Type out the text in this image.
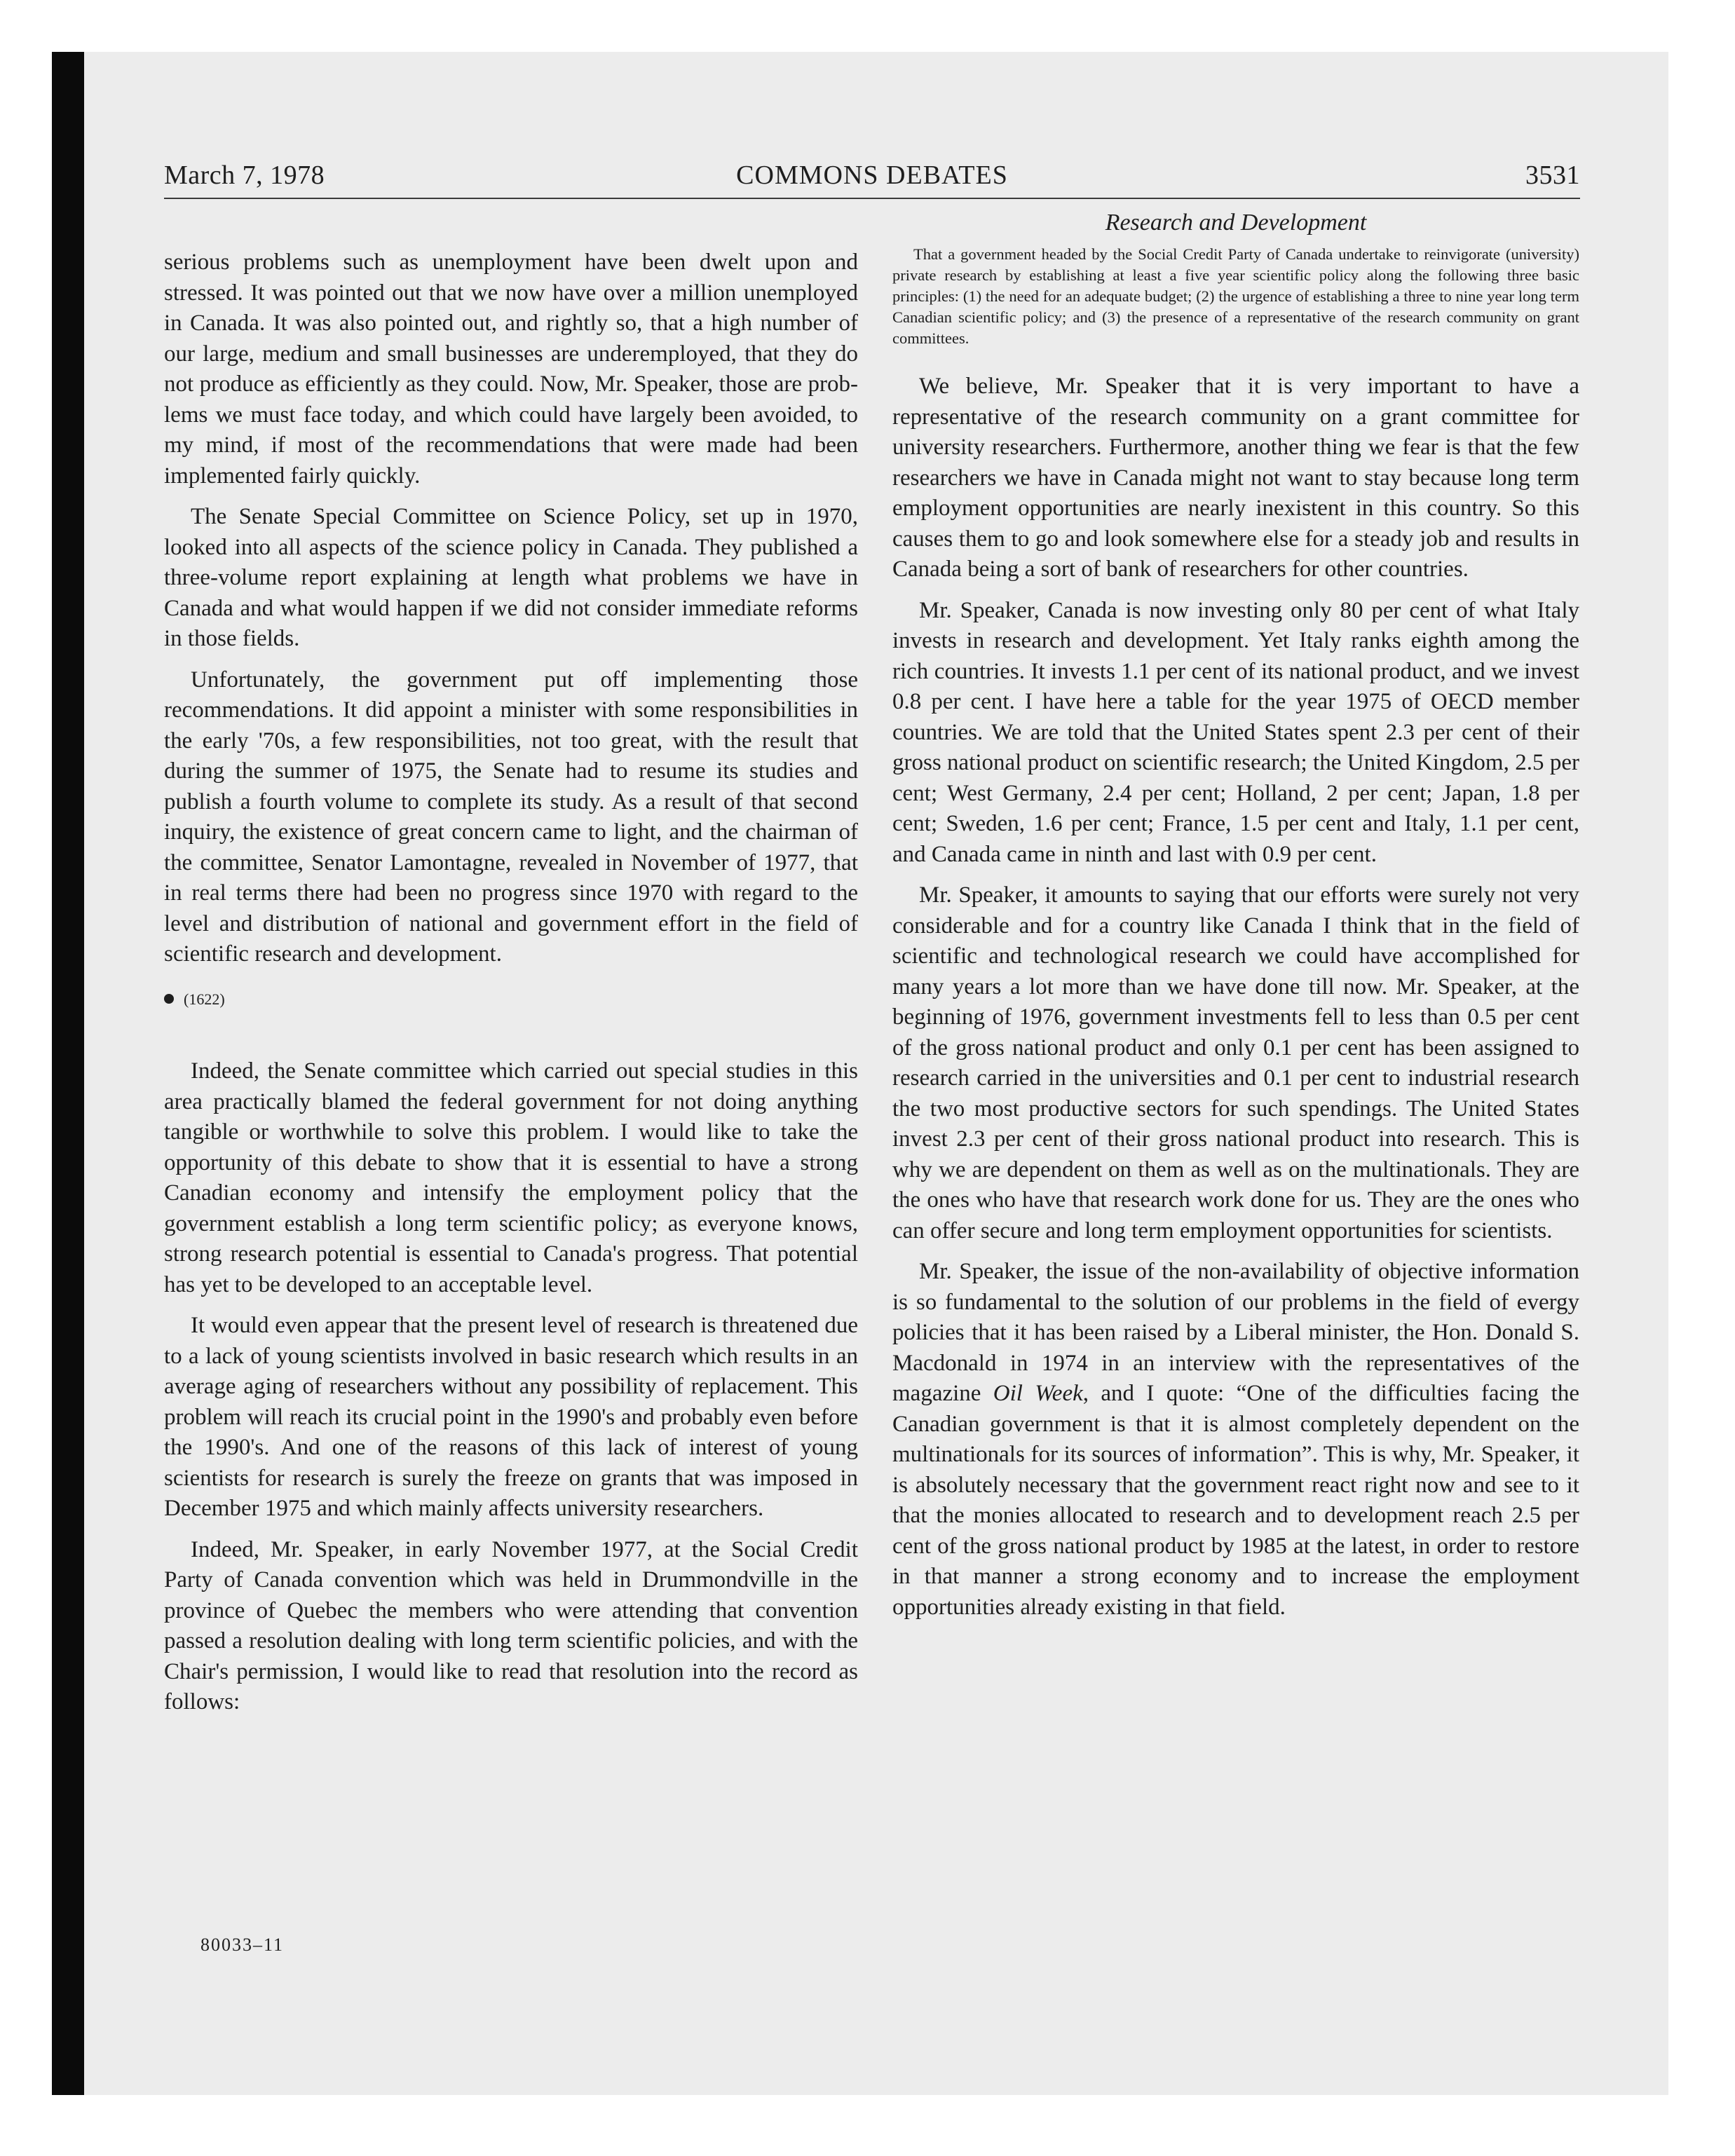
March 7, 1978	COMMONS DEBATES	3531

serious problems such as unemployment have been dwelt upon and stressed. It was pointed out that we now have over a million unemployed in Canada. It was also pointed out, and rightly so, that a high number of our large, medium and small businesses are underemployed, that they do not produce as efficiently as they could. Now, Mr. Speaker, those are problems we must face today, and which could have largely been avoided, to my mind, if most of the recommendations that were made had been implemented fairly quickly.

The Senate Special Committee on Science Policy, set up in 1970, looked into all aspects of the science policy in Canada. They published a three-volume report explaining at length what problems we have in Canada and what would happen if we did not consider immediate reforms in those fields.

Unfortunately, the government put off implementing those recommendations. It did appoint a minister with some responsibilities in the early '70s, a few responsibilities, not too great, with the result that during the summer of 1975, the Senate had to resume its studies and publish a fourth volume to complete its study. As a result of that second inquiry, the existence of great concern came to light, and the chairman of the committee, Senator Lamontagne, revealed in November of 1977, that in real terms there had been no progress since 1970 with regard to the level and distribution of national and government effort in the field of scientific research and development.

(1622)

Indeed, the Senate committee which carried out special studies in this area practically blamed the federal government for not doing anything tangible or worthwhile to solve this problem. I would like to take the opportunity of this debate to show that it is essential to have a strong Canadian economy and intensify the employment policy that the government establish a long term scientific policy; as everyone knows, strong research potential is essential to Canada's progress. That potential has yet to be developed to an acceptable level.

It would even appear that the present level of research is threatened due to a lack of young scientists involved in basic research which results in an average aging of researchers without any possibility of replacement. This problem will reach its crucial point in the 1990's and probably even before the 1990's. And one of the reasons of this lack of interest of young scientists for research is surely the freeze on grants that was imposed in December 1975 and which mainly affects university researchers.

Indeed, Mr. Speaker, in early November 1977, at the Social Credit Party of Canada convention which was held in Drummondville in the province of Quebec the members who were attending that convention passed a resolution dealing with long term scientific policies, and with the Chair's permission, I would like to read that resolution into the record as follows:

Research and Development
That a government headed by the Social Credit Party of Canada undertake to reinvigorate (university) private research by establishing at least a five year scientific policy along the following three basic principles: (1) the need for an adequate budget; (2) the urgence of establishing a three to nine year long term Canadian scientific policy; and (3) the presence of a representative of the research community on grant committees.

We believe, Mr. Speaker that it is very important to have a representative of the research community on a grant committee for university researchers. Furthermore, another thing we fear is that the few researchers we have in Canada might not want to stay because long term employment opportunities are nearly inexistent in this country. So this causes them to go and look somewhere else for a steady job and results in Canada being a sort of bank of researchers for other countries.

Mr. Speaker, Canada is now investing only 80 per cent of what Italy invests in research and development. Yet Italy ranks eighth among the rich countries. It invests 1.1 per cent of its national product, and we invest 0.8 per cent. I have here a table for the year 1975 of OECD member countries. We are told that the United States spent 2.3 per cent of their gross national product on scientific research; the United Kingdom, 2.5 per cent; West Germany, 2.4 per cent; Holland, 2 per cent; Japan, 1.8 per cent; Sweden, 1.6 per cent; France, 1.5 per cent and Italy, 1.1 per cent, and Canada came in ninth and last with 0.9 per cent.

Mr. Speaker, it amounts to saying that our efforts were surely not very considerable and for a country like Canada I think that in the field of scientific and technological research we could have accomplished for many years a lot more than we have done till now. Mr. Speaker, at the beginning of 1976, government investments fell to less than 0.5 per cent of the gross national product and only 0.1 per cent has been assigned to research carried in the universities and 0.1 per cent to industrial research the two most productive sectors for such spendings. The United States invest 2.3 per cent of their gross national product into research. This is why we are dependent on them as well as on the multinationals. They are the ones who have that research work done for us. They are the ones who can offer secure and long term employment opportunities for scientists.

Mr. Speaker, the issue of the non-availability of objective information is so fundamental to the solution of our problems in the field of evergy policies that it has been raised by a Liberal minister, the Hon. Donald S. Macdonald in 1974 in an interview with the representatives of the magazine Oil Week, and I quote: “One of the difficulties facing the Canadian government is that it is almost completely dependent on the multinationals for its sources of information”. This is why, Mr. Speaker, it is absolutely necessary that the government react right now and see to it that the monies allocated to research and to development reach 2.5 per cent of the gross national product by 1985 at the latest, in order to restore in that manner a strong economy and to increase the employment opportunities already existing in that field.

80033–11
